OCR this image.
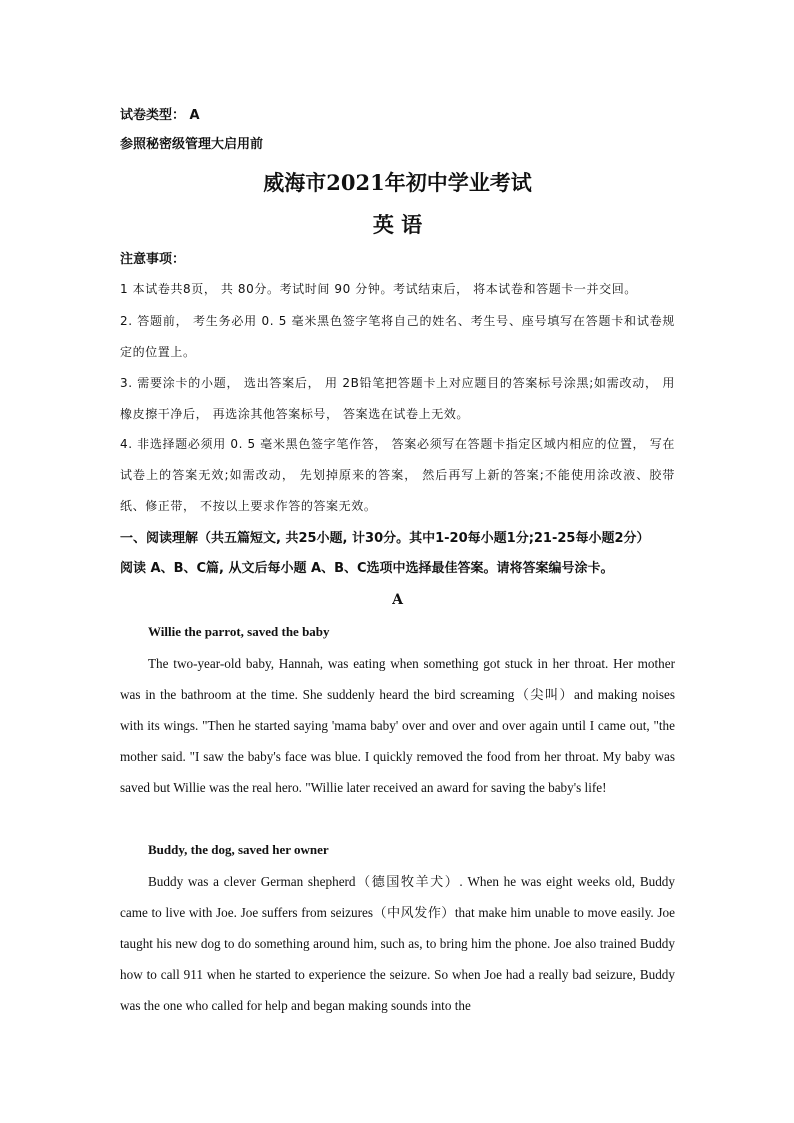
试卷类型： A
参照秘密级管理大启用前
威海市2021年初中学业考试
英 语
注意事项：
1 本试卷共8页， 共 80分。考试时间 90 分钟。考试结束后， 将本试卷和答题卡一并交回。
2. 答题前， 考生务必用 0. 5 毫米黑色签字笔将自己的姓名、考生号、座号填写在答题卡和试卷规定的位置上。
3. 需要涂卡的小题， 选出答案后， 用 2B铅笔把答题卡上对应题目的答案标号涂黑;如需改动， 用橡皮擦干净后， 再选涂其他答案标号， 答案选在试卷上无效。
4. 非选择题必须用 0. 5 毫米黑色签字笔作答， 答案必须写在答题卡指定区域内相应的位置， 写在试卷上的答案无效;如需改动， 先划掉原来的答案， 然后再写上新的答案;不能使用涂改液、胶带纸、修正带， 不按以上要求作答的答案无效。
一、阅读理解（共五篇短文, 共25小题, 计30分。其中1-20每小题1分;21-25每小题2分）
阅读 A、B、C篇, 从文后每小题 A、B、C选项中选择最佳答案。请将答案编号涂卡。
A
Willie the parrot, saved the baby
The two-year-old baby, Hannah, was eating when something got stuck in her throat. Her mother was in the bathroom at the time. She suddenly heard the bird screaming（尖叫）and making noises with its wings. "Then he started saying 'mama baby' over and over and over again until I came out, "the mother said. "I saw the baby's face was blue. I quickly removed the food from her throat. My baby was saved but Willie was the real hero. "Willie later received an award for saving the baby's life!
Buddy, the dog, saved her owner
Buddy was a clever German shepherd（德国牧羊犬）. When he was eight weeks old, Buddy came to live with Joe. Joe suffers from seizures（中风发作）that make him unable to move easily. Joe taught his new dog to do something around him, such as, to bring him the phone. Joe also trained Buddy how to call 911 when he started to experience the seizure. So when Joe had a really bad seizure, Buddy was the one who called for help and began making sounds into the
